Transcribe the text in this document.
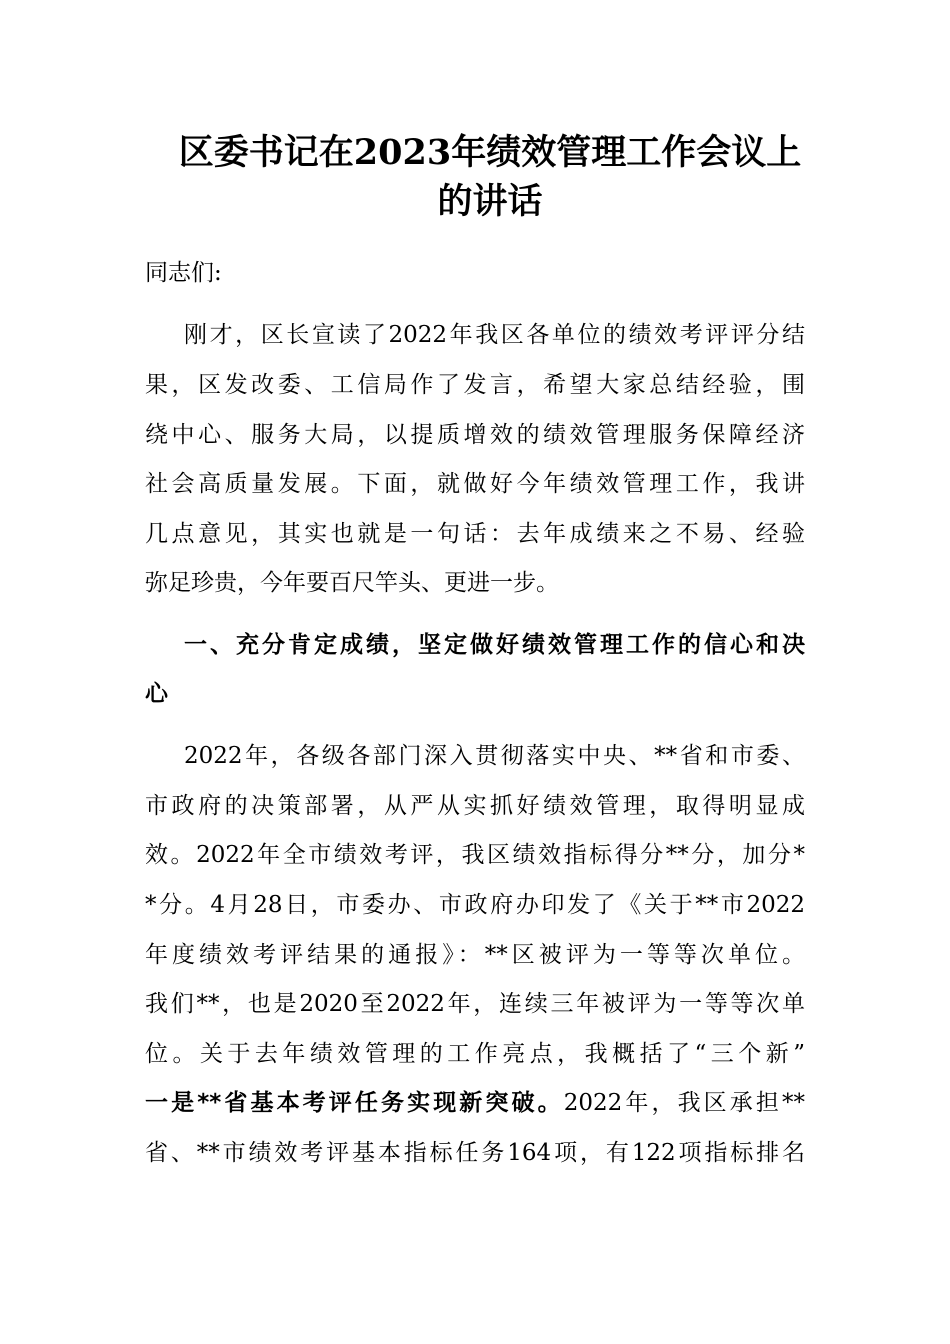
区委书记在2023年绩效管理工作会议上
的讲话
同志们:
刚才，区长宣读了2022年我区各单位的绩效考评评分结
果，区发改委、工信局作了发言，希望大家总结经验，围
绕中心、服务大局，以提质增效的绩效管理服务保障经济
社会高质量发展。下面，就做好今年绩效管理工作，我讲
几点意见，其实也就是一句话：去年成绩来之不易、经验
弥足珍贵，今年要百尺竿头、更进一步。
一、充分肯定成绩，坚定做好绩效管理工作的信心和决
心
2022年，各级各部门深入贯彻落实中央、**省和市委、
市政府的决策部署，从严从实抓好绩效管理，取得明显成
效。2022年全市绩效考评，我区绩效指标得分**分，加分*
*分。4月28日，市委办、市政府办印发了《关于**市2022
年度绩效考评结果的通报》：**区被评为一等等次单位。
我们**，也是2020至2022年，连续三年被评为一等等次单
位。关于去年绩效管理的工作亮点，我概括了“三个新”
一是**省基本考评任务实现新突破。2022年，我区承担**
省、**市绩效考评基本指标任务164项，有122项指标排名
